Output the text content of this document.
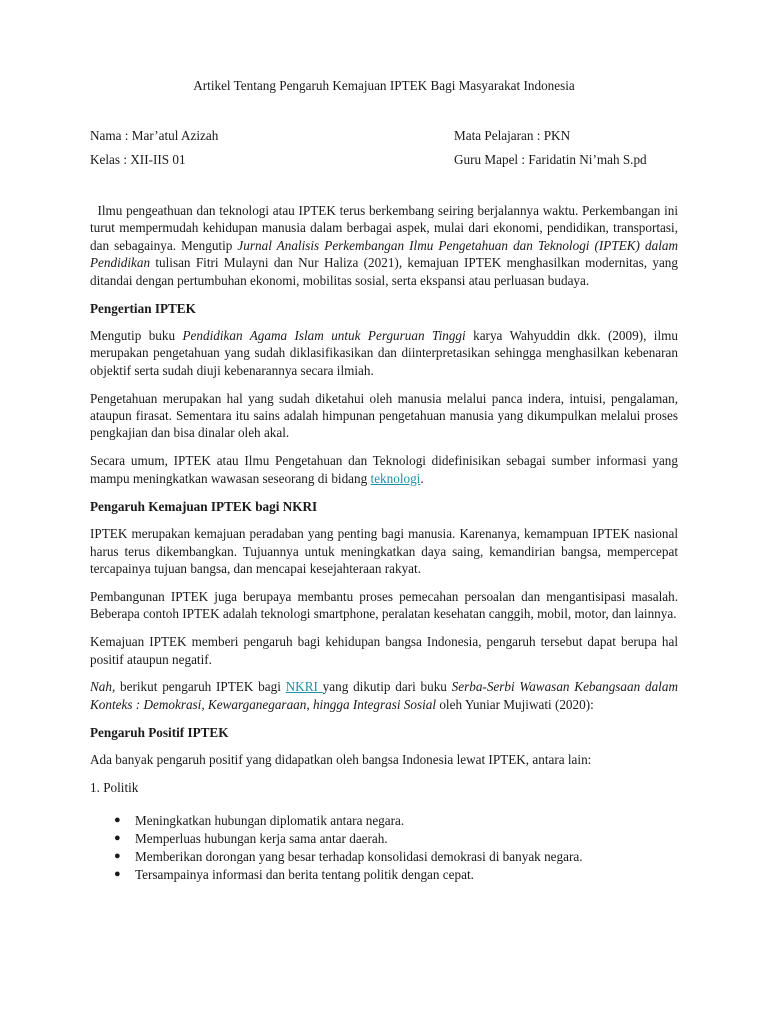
Artikel Tentang Pengaruh Kemajuan IPTEK Bagi Masyarakat Indonesia
Nama : Mar’atul Azizah	Mata Pelajaran : PKN
Kelas : XII-IIS 01	Guru Mapel : Faridatin Ni’mah S.pd

Ilmu pengeathuan dan teknologi atau IPTEK terus berkembang seiring berjalannya waktu. Perkembangan ini turut mempermudah kehidupan manusia dalam berbagai aspek, mulai dari ekonomi, pendidikan, transportasi, dan sebagainya. Mengutip Jurnal Analisis Perkembangan Ilmu Pengetahuan dan Teknologi (IPTEK) dalam Pendidikan tulisan Fitri Mulayni dan Nur Haliza (2021), kemajuan IPTEK menghasilkan modernitas, yang ditandai dengan pertumbuhan ekonomi, mobilitas sosial, serta ekspansi atau perluasan budaya.

Pengertian IPTEK

Mengutip buku Pendidikan Agama Islam untuk Perguruan Tinggi karya Wahyuddin dkk. (2009), ilmu merupakan pengetahuan yang sudah diklasifikasikan dan diinterpretasikan sehingga menghasilkan kebenaran objektif serta sudah diuji kebenarannya secara ilmiah.

Pengetahuan merupakan hal yang sudah diketahui oleh manusia melalui panca indera, intuisi, pengalaman, ataupun firasat. Sementara itu sains adalah himpunan pengetahuan manusia yang dikumpulkan melalui proses pengkajian dan bisa dinalar oleh akal.

Secara umum, IPTEK atau Ilmu Pengetahuan dan Teknologi didefinisikan sebagai sumber informasi yang mampu meningkatkan wawasan seseorang di bidang teknologi.

Pengaruh Kemajuan IPTEK bagi NKRI

IPTEK merupakan kemajuan peradaban yang penting bagi manusia. Karenanya, kemampuan IPTEK nasional harus terus dikembangkan. Tujuannya untuk meningkatkan daya saing, kemandirian bangsa, mempercepat tercapainya tujuan bangsa, dan mencapai kesejahteraan rakyat.

Pembangunan IPTEK juga berupaya membantu proses pemecahan persoalan dan mengantisipasi masalah. Beberapa contoh IPTEK adalah teknologi smartphone, peralatan kesehatan canggih, mobil, motor, dan lainnya.

Kemajuan IPTEK memberi pengaruh bagi kehidupan bangsa Indonesia, pengaruh tersebut dapat berupa hal positif ataupun negatif.

Nah, berikut pengaruh IPTEK bagi NKRI yang dikutip dari buku Serba-Serbi Wawasan Kebangsaan dalam Konteks : Demokrasi, Kewarganegaraan, hingga Integrasi Sosial oleh Yuniar Mujiwati (2020):

Pengaruh Positif IPTEK

Ada banyak pengaruh positif yang didapatkan oleh bangsa Indonesia lewat IPTEK, antara lain:

1. Politik

● Meningkatkan hubungan diplomatik antara negara.
● Memperluas hubungan kerja sama antar daerah.
● Memberikan dorongan yang besar terhadap konsolidasi demokrasi di banyak negara.
● Tersampainya informasi dan berita tentang politik dengan cepat.
